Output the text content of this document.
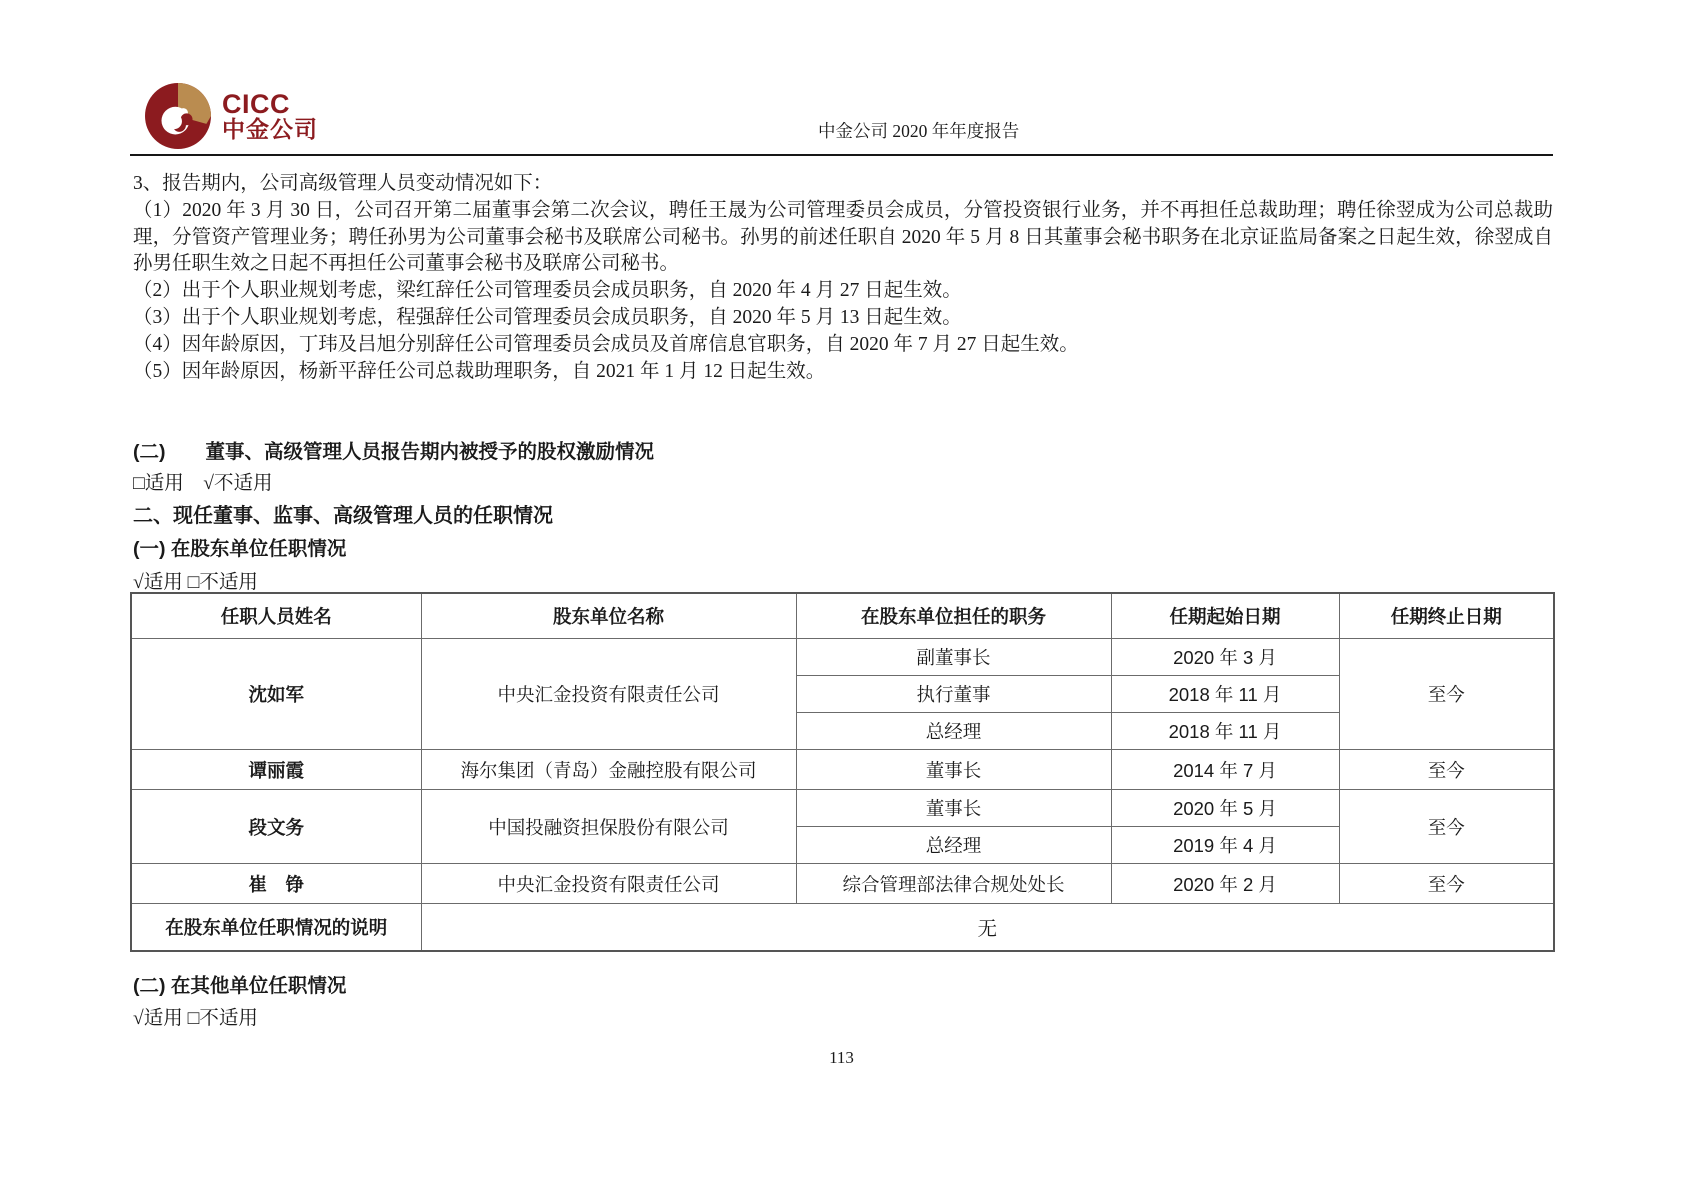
CICC
中金公司	中金公司 2020 年年度报告

3、报告期内，公司高级管理人员变动情况如下：

（1）2020 年 3 月 30 日，公司召开第二届董事会第二次会议，聘任王晟为公司管理委员会成员，分管投资银行业务，并不再担任总裁助理；聘任徐翌成为公司总裁助理，分管资产管理业务；聘任孙男为公司董事会秘书及联席公司秘书。孙男的前述任职自 2020 年 5 月 8 日其董事会秘书职务在北京证监局备案之日起生效，徐翌成自孙男任职生效之日起不再担任公司董事会秘书及联席公司秘书。

（2）出于个人职业规划考虑，梁红辞任公司管理委员会成员职务，自 2020 年 4 月 27 日起生效。

（3）出于个人职业规划考虑，程强辞任公司管理委员会成员职务，自 2020 年 5 月 13 日起生效。

（4）因年龄原因，丁玮及吕旭分别辞任公司管理委员会成员及首席信息官职务，自 2020 年 7 月 27 日起生效。

（5）因年龄原因，杨新平辞任公司总裁助理职务，自 2021 年 1 月 12 日起生效。

(二) 董事、高级管理人员报告期内被授予的股权激励情况
□适用　√不适用
二、现任董事、监事、高级管理人员的任职情况
(一) 在股东单位任职情况
√适用 □不适用
任职人员姓名	股东单位名称	在股东单位担任的职务	任期起始日期	任期终止日期
沈如军	中央汇金投资有限责任公司	副董事长	2020 年 3 月	至今
		执行董事	2018 年 11 月	
		总经理	2018 年 11 月	
谭丽霞	海尔集团（青岛）金融控股有限公司	董事长	2014 年 7 月	至今
段文务	中国投融资担保股份有限公司	董事长	2020 年 5 月	至今
		总经理	2019 年 4 月	
崔　铮	中央汇金投资有限责任公司	综合管理部法律合规处处长	2020 年 2 月	至今
在股东单位任职情况的说明	无			
(二) 在其他单位任职情况
√适用 □不适用
113
